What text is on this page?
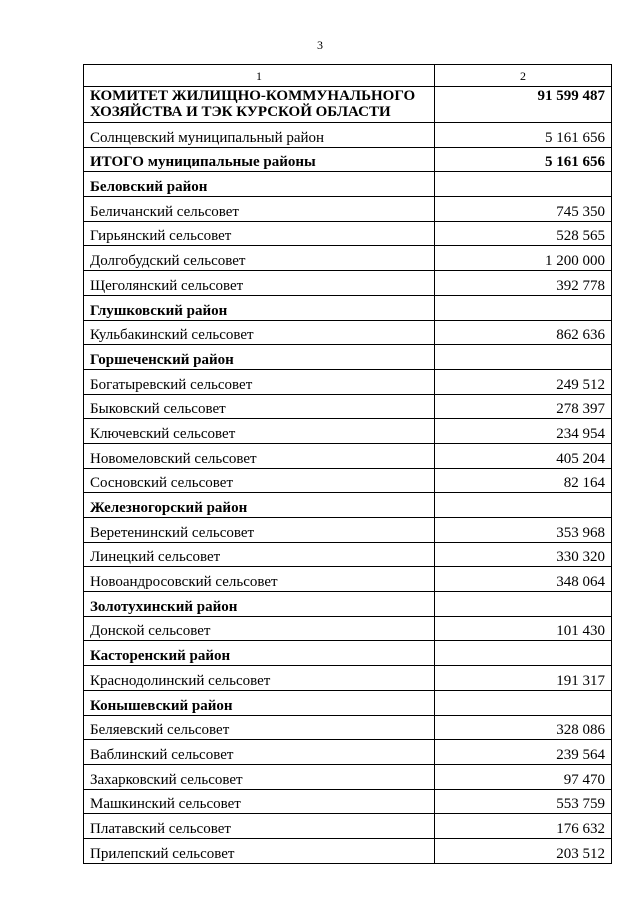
3
1	2
КОМИТЕТ ЖИЛИЩНО-КОММУНАЛЬНОГО ХОЗЯЙСТВА И ТЭК КУРСКОЙ ОБЛАСТИ	91 599 487
Солнцевский муниципальный район	5 161 656
ИТОГО муниципальные районы	5 161 656
Беловский район	
Беличанский сельсовет	745 350
Гирьянский сельсовет	528 565
Долгобудский сельсовет	1 200 000
Щеголянский сельсовет	392 778
Глушковский район	
Кульбакинский сельсовет	862 636
Горшеченский район	
Богатыревский сельсовет	249 512
Быковский сельсовет	278 397
Ключевский сельсовет	234 954
Новомеловский сельсовет	405 204
Сосновский сельсовет	82 164
Железногорский район	
Веретенинский сельсовет	353 968
Линецкий сельсовет	330 320
Новоандросовский сельсовет	348 064
Золотухинский район	
Донской сельсовет	101 430
Касторенский район	
Краснодолинский сельсовет	191 317
Конышевский район	
Беляевский сельсовет	328 086
Ваблинский сельсовет	239 564
Захарковский сельсовет	97 470
Машкинский сельсовет	553 759
Платавский сельсовет	176 632
Прилепский сельсовет	203 512
